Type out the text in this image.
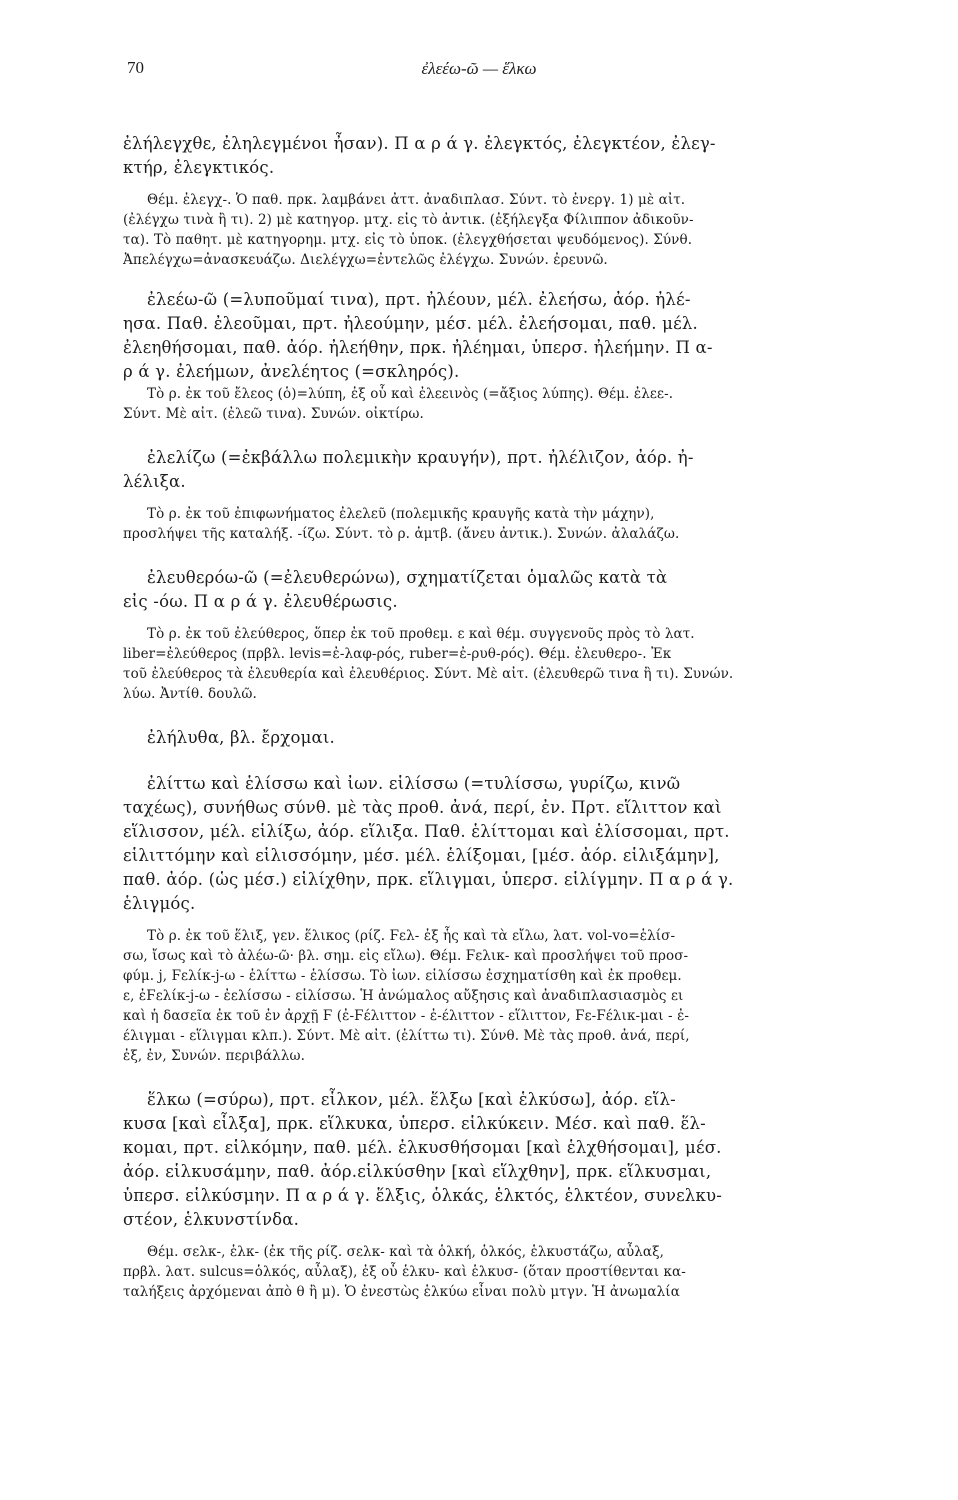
70	ἐλεέω-ῶ — ἕλκω

ἐλήλεγχθε, ἐληλεγμένοι ἦσαν). Π α ρ ά γ. ἐλεγκτός, ἐλεγκτέον, ἐλεγ-

κτήρ, ἐλεγκτικός.

Θέμ. ἐλεγχ-. Ὁ παθ. πρκ. λαμβάνει ἀττ. ἀναδιπλασ. Σύντ. τὸ ἐνεργ. 1) μὲ αἰτ.

(ἐλέγχω τινὰ ἢ τι). 2) μὲ κατηγορ. μτχ. εἰς τὸ ἀντικ. (ἐξήλεγξα Φίλιππον ἀδικοῦν-

τα). Τὸ παθητ. μὲ κατηγορημ. μτχ. εἰς τὸ ὑποκ. (ἐλεγχθήσεται ψευδόμενος). Σύνθ.

Ἀπελέγχω=ἀνασκευάζω. Διελέγχω=ἐντελῶς ἐλέγχω. Συνών. ἐρευνῶ.

ἐλεέω-ῶ (=λυποῦμαί τινα), πρτ. ἠλέουν, μέλ. ἐλεήσω, ἀόρ. ἠλέ-

ησα. Παθ. ἐλεοῦμαι, πρτ. ἠλεούμην, μέσ. μέλ. ἐλεήσομαι, παθ. μέλ.

ἐλεηθήσομαι, παθ. ἀόρ. ἠλεήθην, πρκ. ἠλέημαι, ὑπερσ. ἠλεήμην. Π α-

ρ ά γ. ἐλεήμων, ἀνελέητος (=σκληρός).

Τὸ ρ. ἐκ τοῦ ἔλεος (ὁ)=λύπη, ἐξ οὗ καὶ ἐλεεινὸς (=ἄξιος λύπης). Θέμ. ἐλεε-.

Σύντ. Μὲ αἰτ. (ἐλεῶ τινα). Συνών. οἰκτίρω.

ἐλελίζω (=ἐκβάλλω πολεμικὴν κραυγήν), πρτ. ἠλέλιζον, ἀόρ. ἠ-

λέλιξα.

Τὸ ρ. ἐκ τοῦ ἐπιφωνήματος ἐλελεῦ (πολεμικῆς κραυγῆς κατὰ τὴν μάχην),

προσλήψει τῆς καταλήξ. -ίζω. Σύντ. τὸ ρ. ἀμτβ. (ἄνευ ἀντικ.). Συνών. ἀλαλάζω.

ἐλευθερόω-ῶ (=ἐλευθερώνω), σχηματίζεται ὁμαλῶς κατὰ τὰ

εἰς -όω. Π α ρ ά γ. ἐλευθέρωσις.

Τὸ ρ. ἐκ τοῦ ἐλεύθερος, ὅπερ ἐκ τοῦ προθεμ. ε καὶ θέμ. συγγενοῦς πρὸς τὸ λατ.

liber=ἐλεύθερος (πρβλ. levis=ἐ-λαφ-ρός, ruber=ἐ-ρυθ-ρός). Θέμ. ἐλευθερο-. Ἐκ

τοῦ ἐλεύθερος τὰ ἐλευθερία καὶ ἐλευθέριος. Σύντ. Μὲ αἰτ. (ἐλευθερῶ τινα ἢ τι). Συνών.

λύω. Ἀντίθ. δουλῶ.

ἐλήλυθα, βλ. ἔρχομαι.

ἐλίττω καὶ ἑλίσσω καὶ ἰων. εἱλίσσω (=τυλίσσω, γυρίζω, κινῶ

ταχέως), συνήθως σύνθ. μὲ τὰς προθ. ἀνά, περί, ἐν. Πρτ. εἵλιττον καὶ

εἵλισσον, μέλ. εἱλίξω, ἀόρ. εἵλιξα. Παθ. ἑλίττομαι καὶ ἑλίσσομαι, πρτ.

εἱλιττόμην καὶ εἱλισσόμην, μέσ. μέλ. ἑλίξομαι, [μέσ. ἀόρ. εἱλιξάμην],

παθ. ἀόρ. (ὡς μέσ.) εἱλίχθην, πρκ. εἵλιγμαι, ὑπερσ. εἱλίγμην. Π α ρ ά γ.

ἑλιγμός.

Τὸ ρ. ἐκ τοῦ ἕλιξ, γεν. ἕλικος (ρίζ. Ϝελ- ἐξ ἧς καὶ τὰ εἴλω, λατ. vol-vo=ἑλίσ-

σω, ἴσως καὶ τὸ ἀλέω-ῶ· βλ. σημ. εἰς εἴλω). Θέμ. Ϝελικ- καὶ προσλήψει τοῦ προσ-

φύμ. j, Ϝελίκ-j-ω - ἑλίττω - ἑλίσσω. Τὸ ἰων. εἱλίσσω ἐσχηματίσθη καὶ ἐκ προθεμ.

ε, ἐϜελίκ-j-ω - ἐελίσσω - εἱλίσσω. Ἡ ἀνώμαλος αὔξησις καὶ ἀναδιπλασιασμὸς ει

καὶ ἡ δασεῖα ἐκ τοῦ ἐν ἀρχῇ Ϝ (ἐ-Ϝέλιττον - ἐ-έλιττον - εἵλιττον, Ϝε-Ϝέλικ-μαι - ἐ-

έλιγμαι - εἵλιγμαι κλπ.). Σύντ. Μὲ αἰτ. (ἑλίττω τι). Σύνθ. Μὲ τὰς προθ. ἀνά, περί,

ἐξ, ἐν, Συνών. περιβάλλω.

ἕλκω (=σύρω), πρτ. εἷλκον, μέλ. ἕλξω [καὶ ἑλκύσω], ἀόρ. εἵλ-

κυσα [καὶ εἷλξα], πρκ. εἵλκυκα, ὑπερσ. εἱλκύκειν. Μέσ. καὶ παθ. ἕλ-

κομαι, πρτ. εἱλκόμην, παθ. μέλ. ἑλκυσθήσομαι [καὶ ἑλχθήσομαι], μέσ.

ἀόρ. εἱλκυσάμην, παθ. ἀόρ.εἱλκύσθην [καὶ εἵλχθην], πρκ. εἵλκυσμαι,

ὑπερσ. εἱλκύσμην. Π α ρ ά γ. ἕλξις, ὁλκάς, ἑλκτός, ἑλκτέον, συνελκυ-

στέον, ἑλκυνστίνδα.

Θέμ. σελκ-, ἑλκ- (ἐκ τῆς ρίζ. σελκ- καὶ τὰ ὁλκή, ὁλκός, ἑλκυστάζω, αὖλαξ,

πρβλ. λατ. sulcus=ὁλκός, αὖλαξ), ἐξ οὗ ἑλκυ- καὶ ἑλκυσ- (ὅταν προστίθενται κα-

ταλήξεις ἀρχόμεναι ἀπὸ θ ἢ μ). Ὁ ἐνεστὼς ἑλκύω εἶναι πολὺ μτγν. Ἡ ἀνωμαλία
